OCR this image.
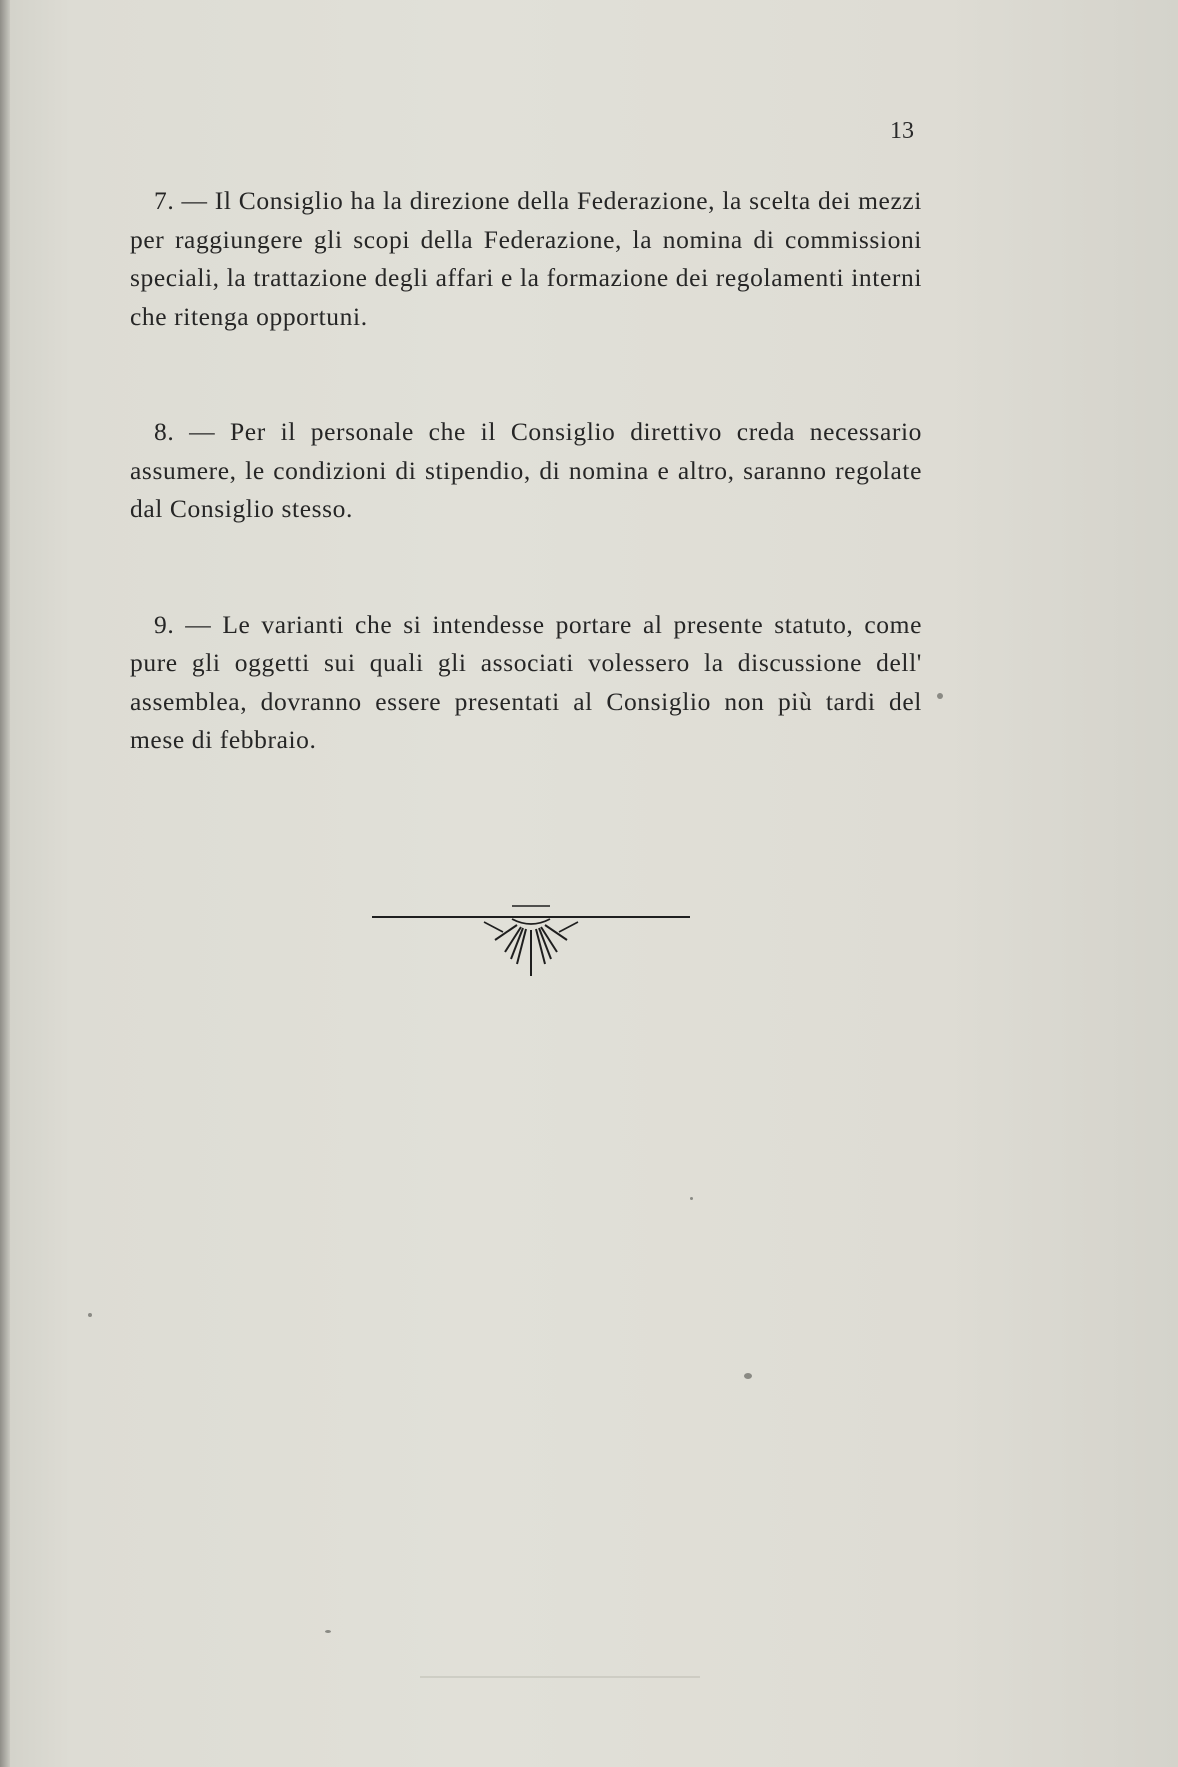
13

7. — Il Consiglio ha la direzione della Federazione, la scelta dei mezzi per raggiungere gli scopi della Federazione, la nomina di commissioni speciali, la trattazione degli affari e la formazione dei regolamenti interni che ritenga opportuni.

8. — Per il personale che il Consiglio direttivo creda necessario assumere, le condizioni di stipendio, di nomina e altro, saranno regolate dal Consiglio stesso.

9. — Le varianti che si intendesse portare al presente statuto, come pure gli oggetti sui quali gli associati volessero la discussione dell' assemblea, dovranno essere presentati al Consiglio non più tardi del mese di febbraio.
